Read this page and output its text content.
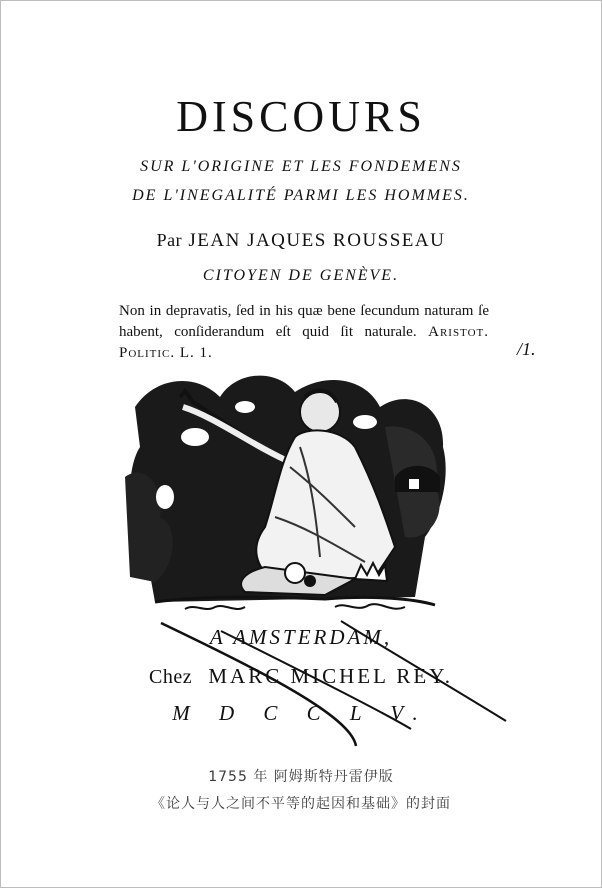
DISCOURS
SUR L'ORIGINE ET LES FONDEMENS
DE L'INEGALITÉ PARMI LES HOMMES.
Par JEAN JAQUES ROUSSEAU
CITOYEN DE GENÈVE.
Non in depravatis, ſed in his quæ bene ſecundum naturam ſe habent, conſiderandum eſt quid ſit naturale. Aristot. Politic. L. 1.	/1.
A AMSTERDAM,
Chez MARC MICHEL REY.
M D C C L V.
1755 年 阿姆斯特丹雷伊版
《论人与人之间不平等的起因和基础》的封面
